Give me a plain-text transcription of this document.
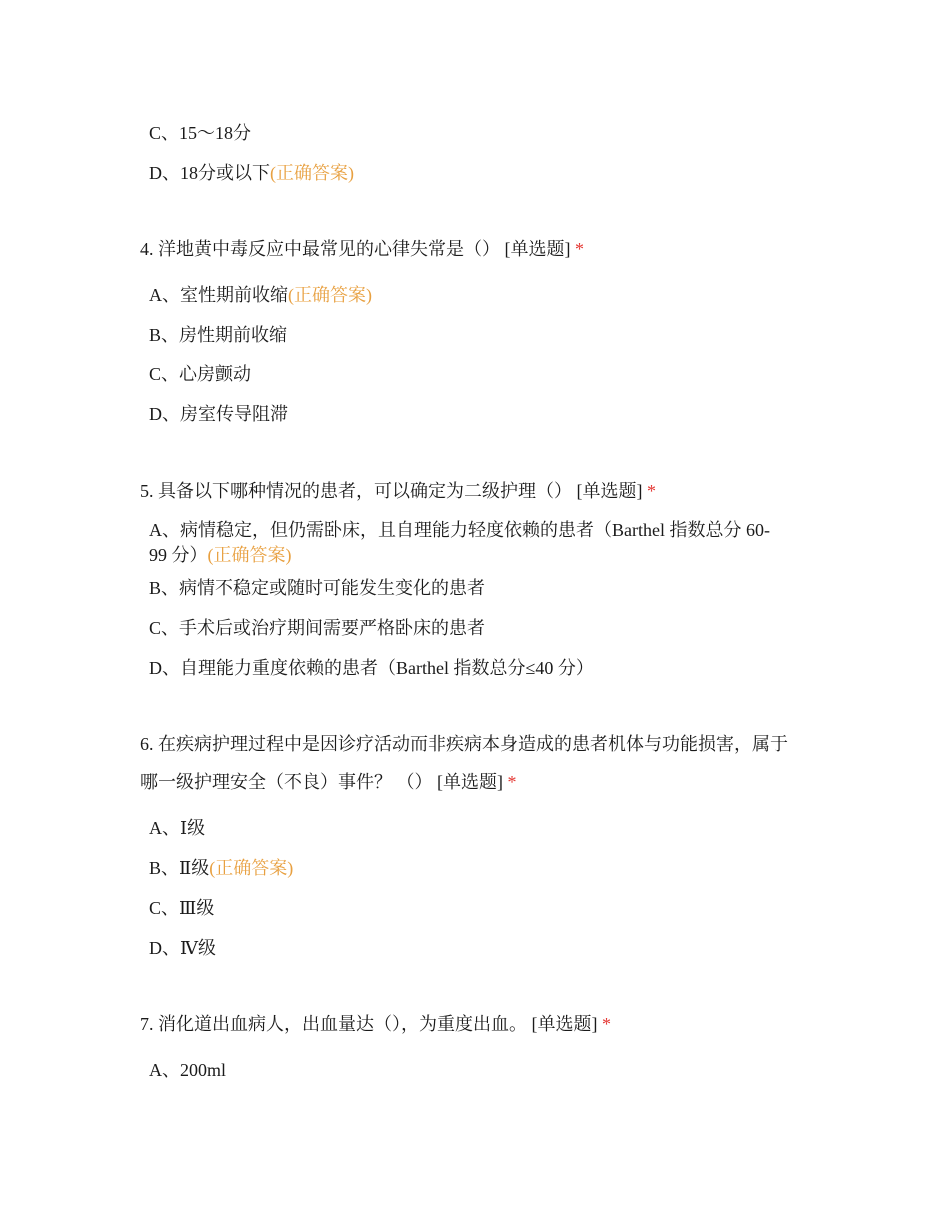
C、15～18分
D、18分或以下(正确答案)
4. 洋地黄中毒反应中最常见的心律失常是（） [单选题] *
A、室性期前收缩(正确答案)
B、房性期前收缩
C、心房颤动
D、房室传导阻滞
5. 具备以下哪种情况的患者，可以确定为二级护理（） [单选题] *
A、病情稳定，但仍需卧床，且自理能力轻度依赖的患者（Barthel 指数总分 60-
99 分）(正确答案)
B、病情不稳定或随时可能发生变化的患者
C、手术后或治疗期间需要严格卧床的患者
D、自理能力重度依赖的患者（Barthel 指数总分≤40 分）
6. 在疾病护理过程中是因诊疗活动而非疾病本身造成的患者机体与功能损害，属于
哪一级护理安全（不良）事件？ （） [单选题] *
A、Ⅰ级
B、Ⅱ级(正确答案)
C、Ⅲ级
D、Ⅳ级
7. 消化道出血病人，出血量达（），为重度出血。 [单选题] *
A、200ml
